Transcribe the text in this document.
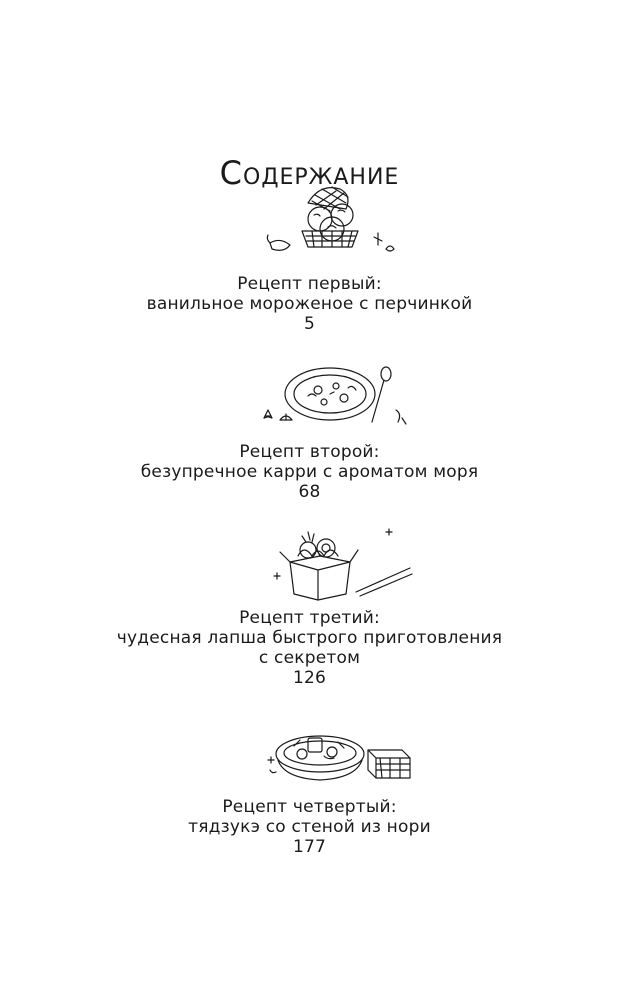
Содержание
Рецепт первый:
ванильное мороженое с перчинкой
5
Рецепт второй:
безупречное карри с ароматом моря
68
Рецепт третий:
чудесная лапша быстрого приготовления
с секретом
126
Рецепт четвертый:
тядзукэ со стеной из нори
177
